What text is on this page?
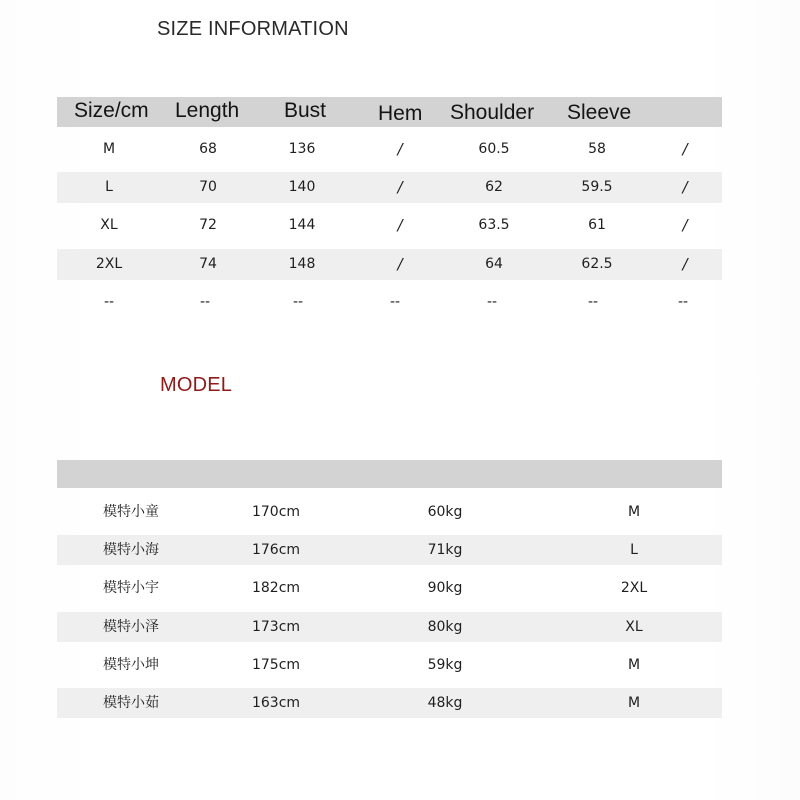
SIZE INFORMATION
Size/cm Length Bust Hem Shoulder Sleeve
M	68	136	/	60.5	58	/
L	70	140	/	62	59.5	/
XL	72	144	/	63.5	61	/
2XL	74	148	/	64	62.5	/
--	--	--	--	--	--	--
MODEL
模特小童	170cm	60kg	M
模特小海	176cm	71kg	L
模特小宇	182cm	90kg	2XL
模特小泽	173cm	80kg	XL
模特小坤	175cm	59kg	M
模特小茹	163cm	48kg	M
